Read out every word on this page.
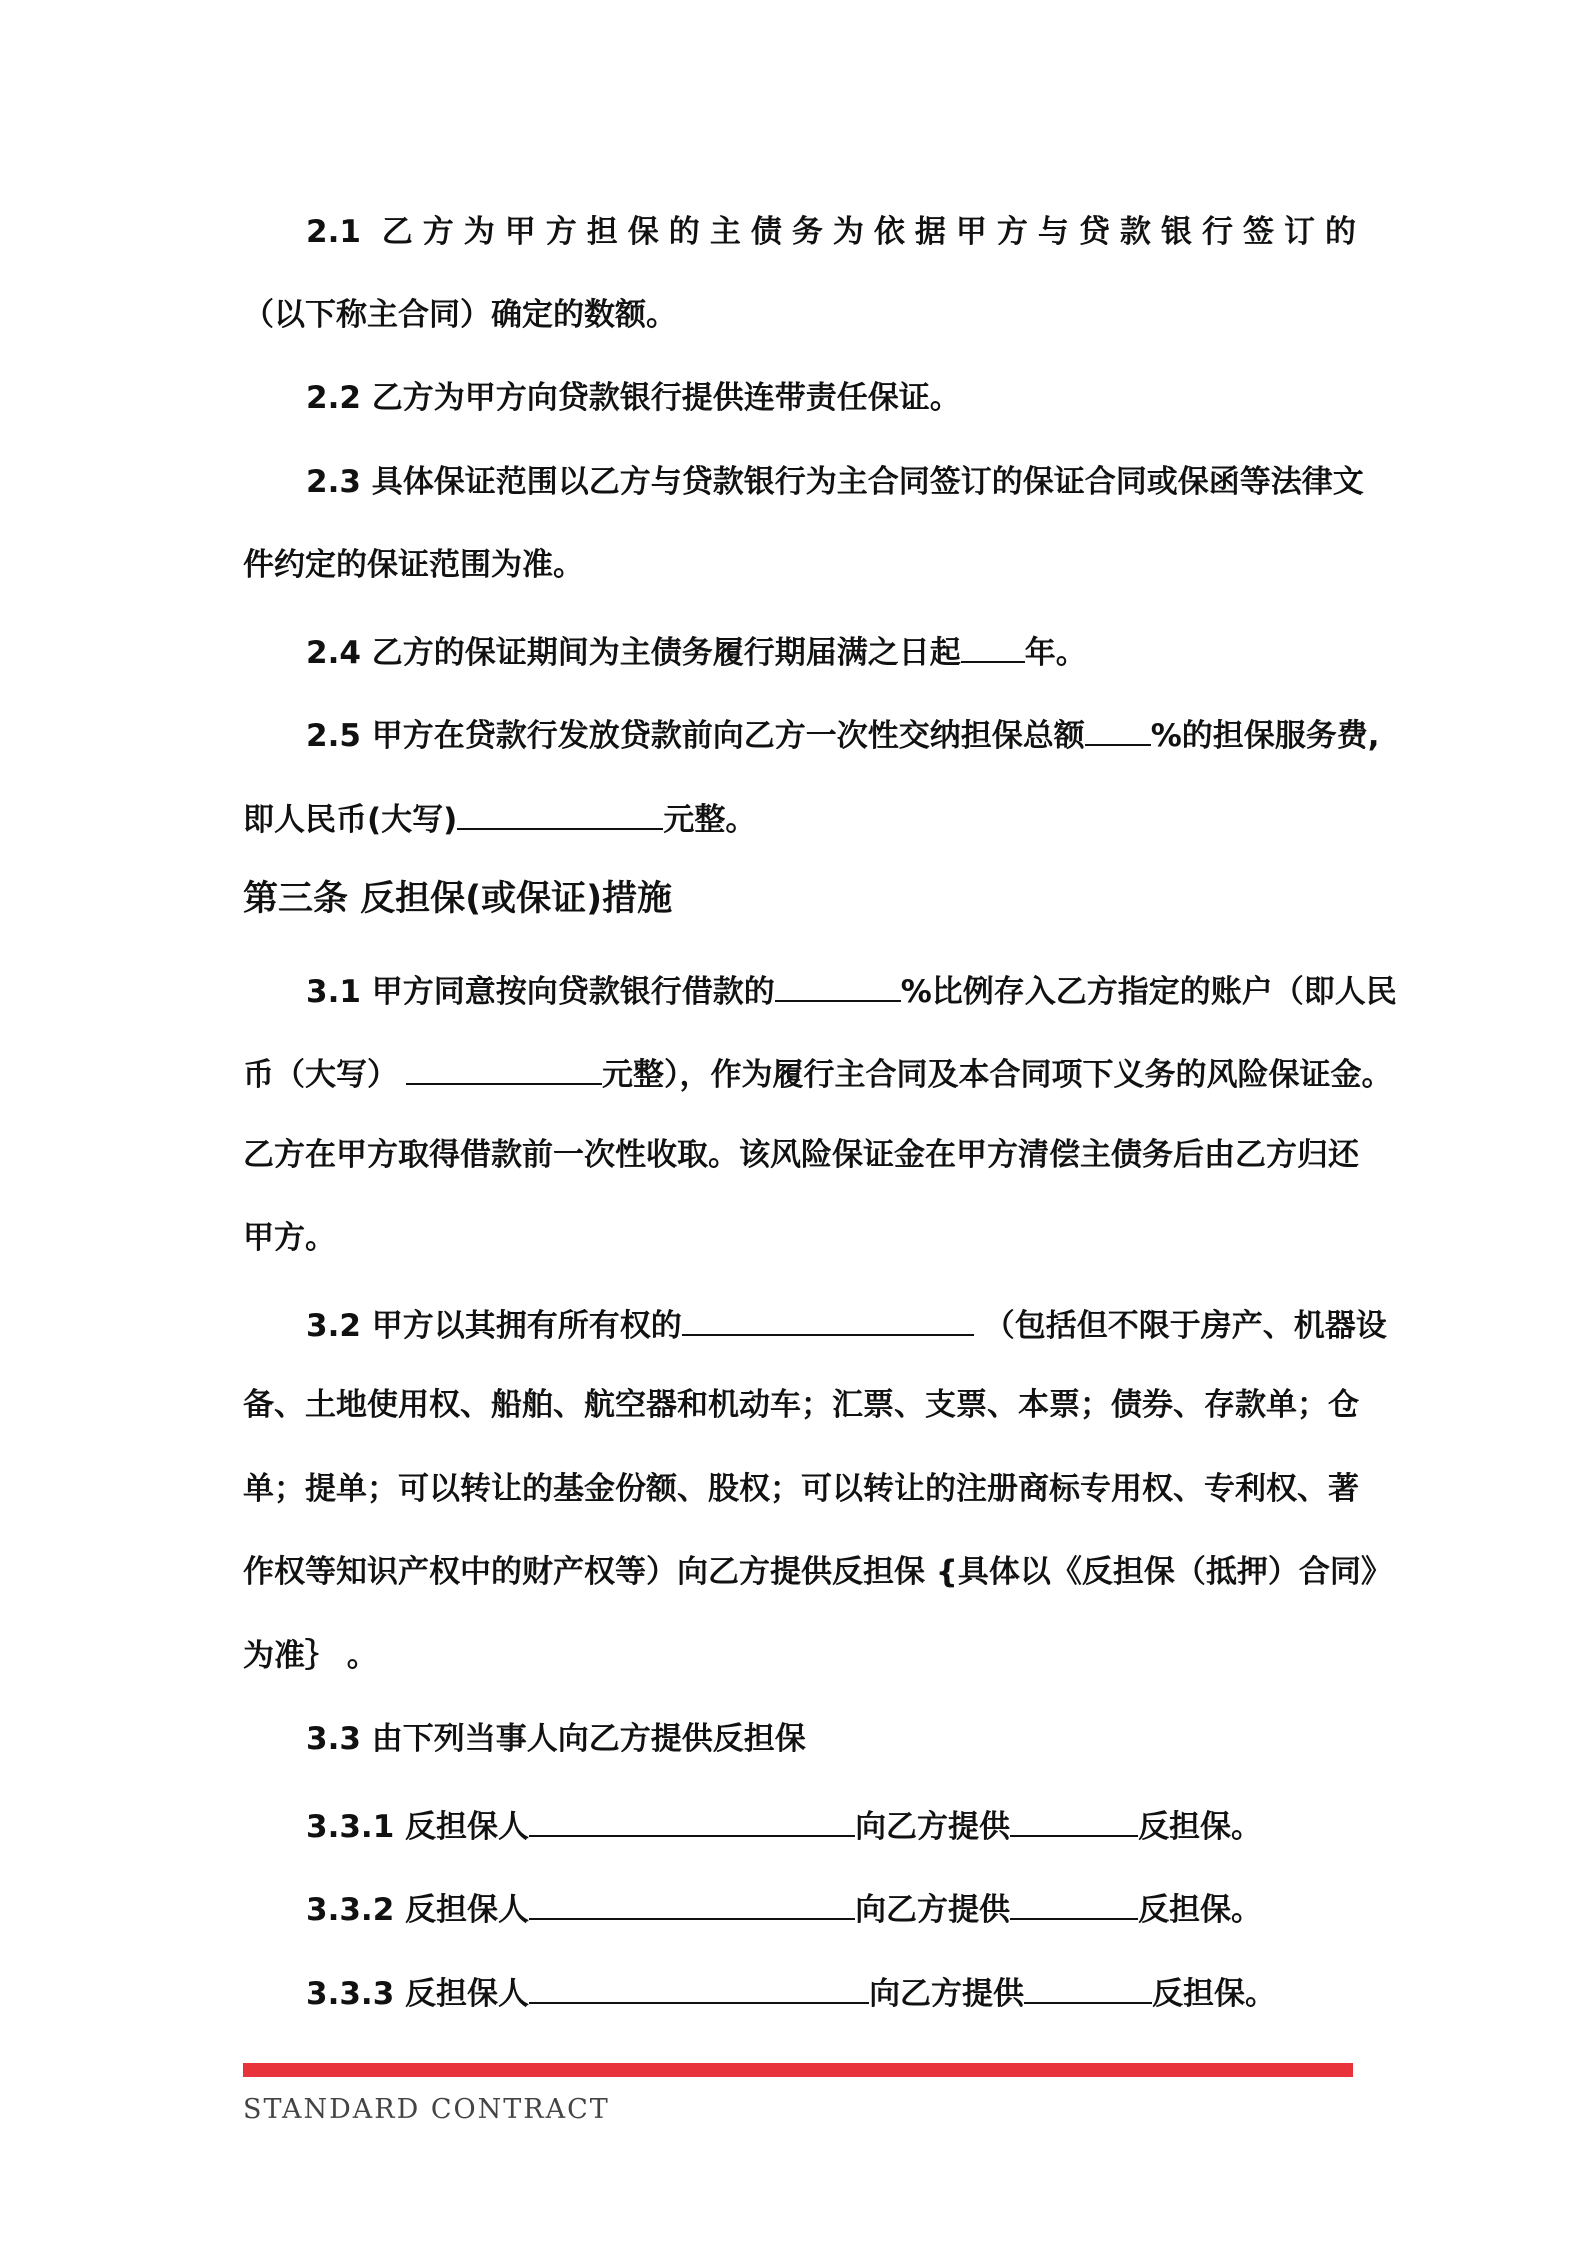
2.1 乙方为甲方担保的主债务为依据甲方与贷款银行签订的
（以下称主合同）确定的数额。
2.2 乙方为甲方向贷款银行提供连带责任保证。
2.3 具体保证范围以乙方与贷款银行为主合同签订的保证合同或保函等法律文
件约定的保证范围为准。
2.4 乙方的保证期间为主债务履行期届满之日起 年。
2.5 甲方在贷款行发放贷款前向乙方一次性交纳担保总额 %的担保服务费,
即人民币(大写)	元整。
第三条 反担保(或保证)措施
3.1 甲方同意按向贷款银行借款的	%比例存入乙方指定的账户（即人民
币（大写）	元整），作为履行主合同及本合同项下义务的风险保证金。
乙方在甲方取得借款前一次性收取。该风险保证金在甲方清偿主债务后由乙方归还
甲方。
3.2 甲方以其拥有所有权的	（包括但不限于房产、机器设
备、土地使用权、船舶、航空器和机动车；汇票、支票、本票；债券、存款单；仓
单；提单；可以转让的基金份额、股权；可以转让的注册商标专用权、专利权、著
作权等知识产权中的财产权等）向乙方提供反担保 {具体以《反担保（抵押）合同》
为准｝ 。
3.3 由下列当事人向乙方提供反担保
3.3.1 反担保人	向乙方提供	反担保。
3.3.2 反担保人	向乙方提供	反担保。
3.3.3 反担保人	向乙方提供	反担保。
STANDARD CONTRACT
